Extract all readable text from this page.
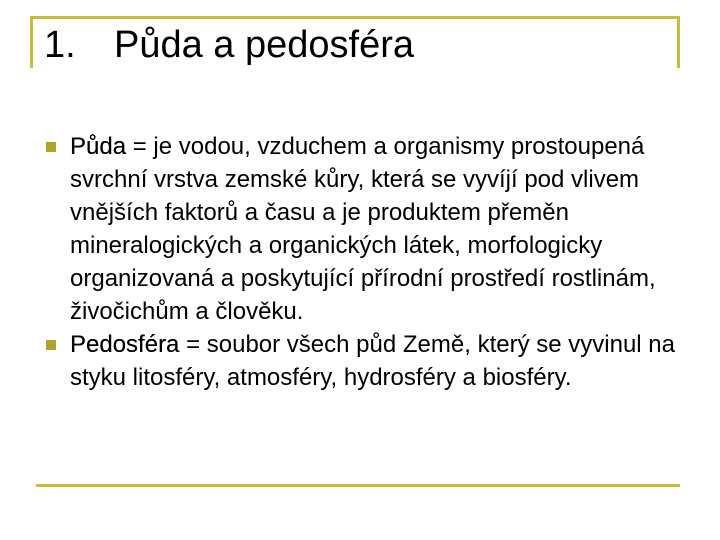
1. Půda a pedosféra
Půda = je vodou, vzduchem a organismy prostoupená svrchní vrstva zemské kůry, která se vyvíjí pod vlivem vnějších faktorů a času a je produktem přeměn mineralogických a organických látek, morfologicky organizovaná a poskytující přírodní prostředí rostlinám, živočichům a člověku.
Pedosféra = soubor všech půd Země, který se vyvinul na styku litosféry, atmosféry, hydrosféry a biosféry.
